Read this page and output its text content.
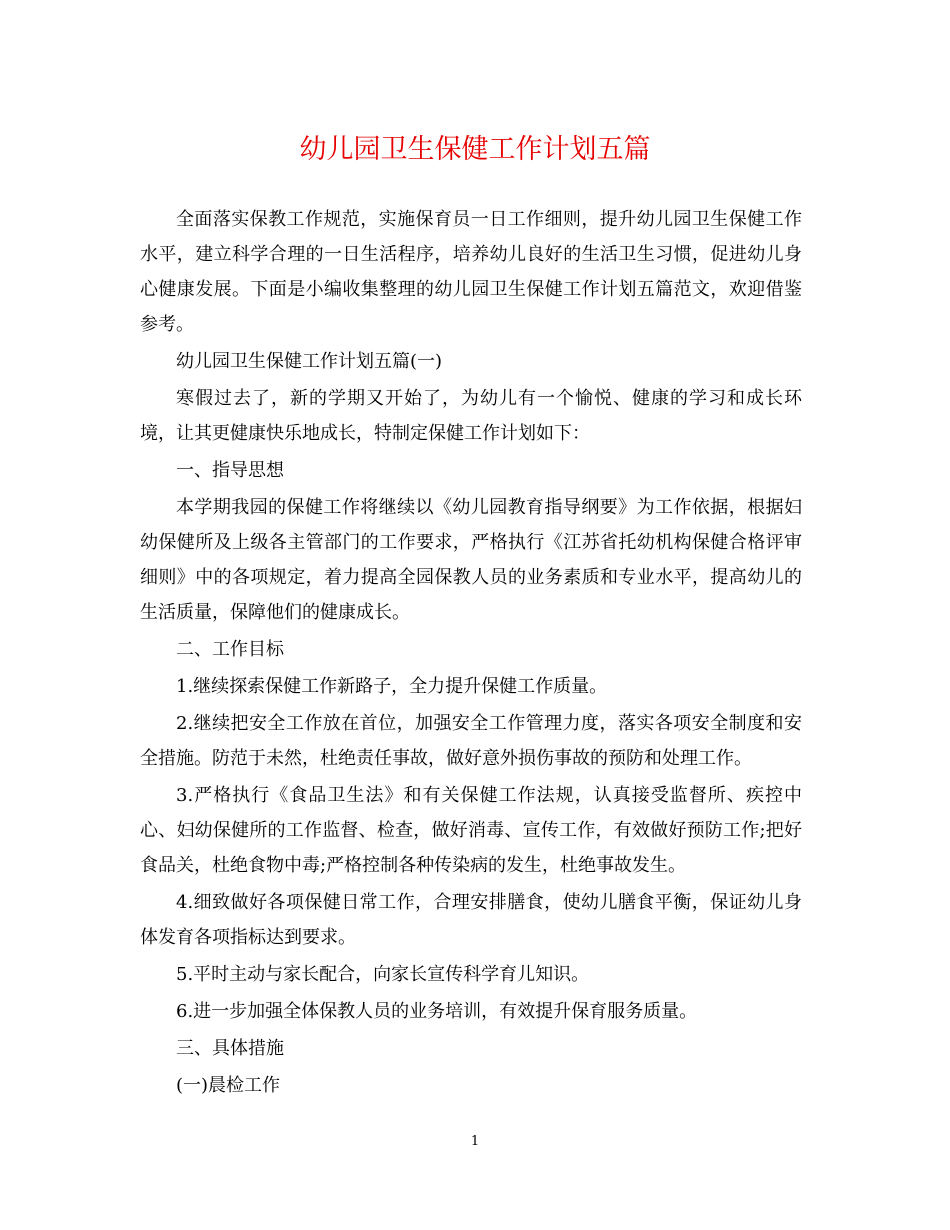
幼儿园卫生保健工作计划五篇

全面落实保教工作规范，实施保育员一日工作细则，提升幼儿园卫生保健工作水平，建立科学合理的一日生活程序，培养幼儿良好的生活卫生习惯，促进幼儿身心健康发展。下面是小编收集整理的幼儿园卫生保健工作计划五篇范文，欢迎借鉴参考。

幼儿园卫生保健工作计划五篇(一)

寒假过去了，新的学期又开始了，为幼儿有一个愉悦、健康的学习和成长环境，让其更健康快乐地成长，特制定保健工作计划如下：

一、指导思想

本学期我园的保健工作将继续以《幼儿园教育指导纲要》为工作依据，根据妇幼保健所及上级各主管部门的工作要求，严格执行《江苏省托幼机构保健合格评审细则》中的各项规定，着力提高全园保教人员的业务素质和专业水平，提高幼儿的生活质量，保障他们的健康成长。

二、工作目标

1.继续探索保健工作新路子，全力提升保健工作质量。

2.继续把安全工作放在首位，加强安全工作管理力度，落实各项安全制度和安全措施。防范于未然，杜绝责任事故，做好意外损伤事故的预防和处理工作。

3.严格执行《食品卫生法》和有关保健工作法规，认真接受监督所、疾控中心、妇幼保健所的工作监督、检查，做好消毒、宣传工作，有效做好预防工作;把好食品关，杜绝食物中毒;严格控制各种传染病的发生，杜绝事故发生。

4.细致做好各项保健日常工作，合理安排膳食，使幼儿膳食平衡，保证幼儿身体发育各项指标达到要求。

5.平时主动与家长配合，向家长宣传科学育儿知识。

6.进一步加强全体保教人员的业务培训，有效提升保育服务质量。

三、具体措施

(一)晨检工作

1
